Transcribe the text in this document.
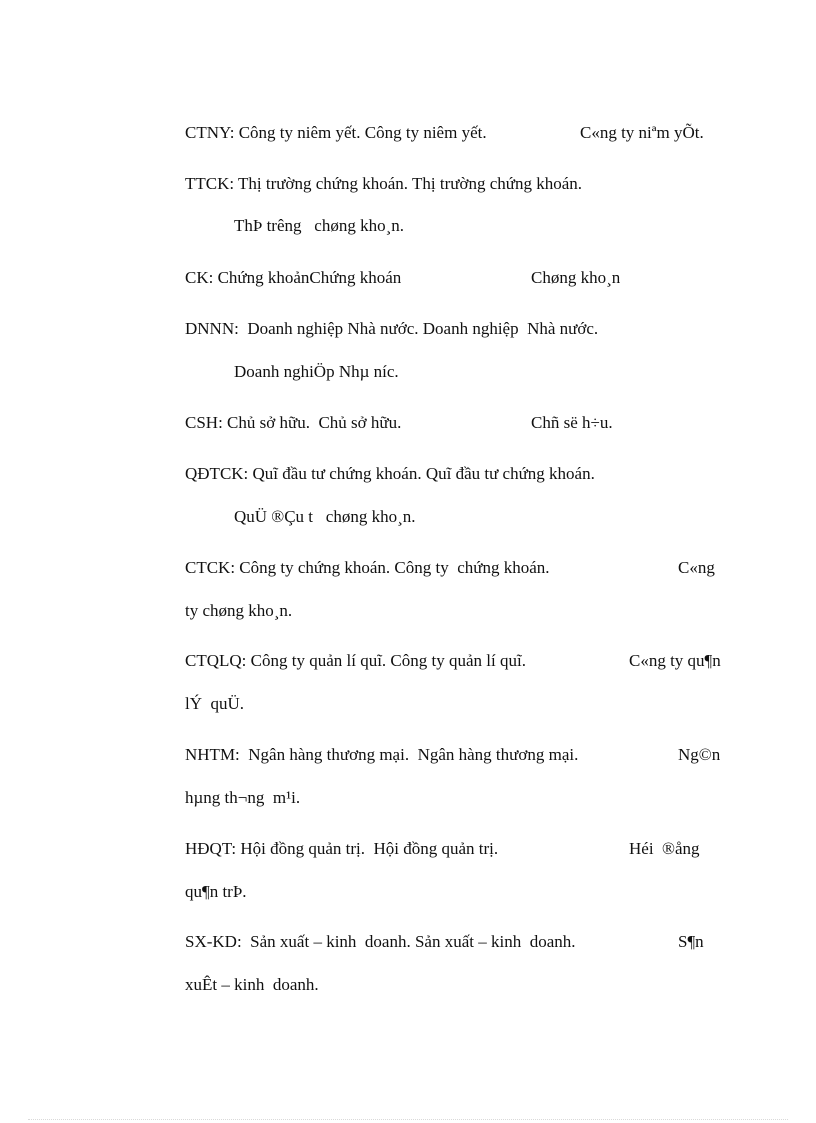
CTNY: Công ty niêm yết. Công ty niêm yết.	C«ng ty niªm yÕt.
TTCK: Thị trường chứng khoán. Thị trường chứng khoán.
ThÞ trêng   chøng kho¸n.
CK: Chứng khoảnChứng khoán	Chøng kho¸n
DNNN:  Doanh nghiệp Nhà nước. Doanh nghiệp  Nhà nước.
Doanh nghiÖp Nhµ níc.
CSH: Chủ sở hữu.  Chủ sở hữu.	Chñ së h÷u.
QĐTCK: Quĩ đầu tư chứng khoán. Quĩ đầu tư chứng khoán.
QuÜ ®Çu t   chøng kho¸n.
CTCK: Công ty chứng khoán. Công ty  chứng khoán.	C«ng
ty chøng kho¸n.
CTQLQ: Công ty quản lí quĩ. Công ty quản lí quĩ.	C«ng ty qu¶n
lÝ  quÜ.
NHTM:  Ngân hàng thương mại.  Ngân hàng thương mại.	Ng©n
hµng th¬ng  m¹i.
HĐQT: Hội đồng quản trị.  Hội đồng quản trị.	Héi  ®ång
qu¶n trÞ.
SX-KD:  Sản xuất – kinh  doanh. Sản xuất – kinh  doanh.	S¶n
xuÊt – kinh  doanh.
